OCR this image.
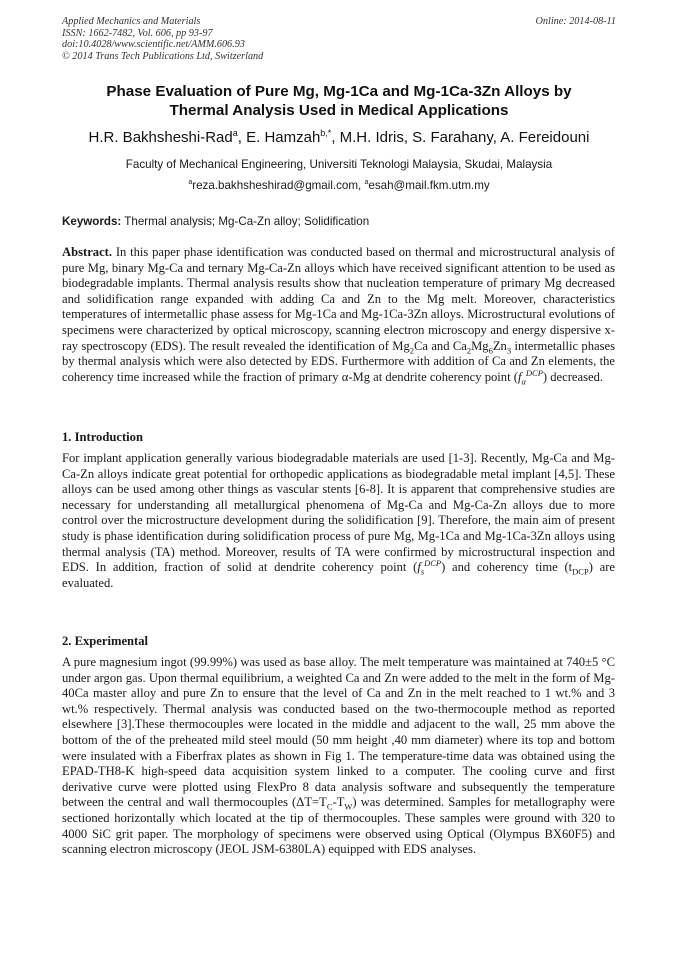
Applied Mechanics and Materials
ISSN: 1662-7482, Vol. 606, pp 93-97
doi:10.4028/www.scientific.net/AMM.606.93
© 2014 Trans Tech Publications Ltd, Switzerland
Online: 2014-08-11
Phase Evaluation of Pure Mg, Mg-1Ca and Mg-1Ca-3Zn Alloys by
Thermal Analysis Used in Medical Applications
H.R. Bakhsheshi-Rad$^a$, E. Hamzah$^{b,*}$, M.H. Idris, S. Farahany, A. Fereidouni
Faculty of Mechanical Engineering, Universiti Teknologi Malaysia, Skudai, Malaysia
$^a$reza.bakhsheshirad@gmail.com, $^a$esah@mail.fkm.utm.my
Keywords: Thermal analysis; Mg-Ca-Zn alloy; Solidification
Abstract. In this paper phase identification was conducted based on thermal and microstructural analysis of pure Mg, binary Mg-Ca and ternary Mg-Ca-Zn alloys which have received significant attention to be used as biodegradable implants. Thermal analysis results show that nucleation temperature of primary Mg decreased and solidification range expanded with adding Ca and Zn to the Mg melt. Moreover, characteristics temperatures of intermetallic phase assess for Mg-1Ca and Mg-1Ca-3Zn alloys. Microstructural evolutions of specimens were characterized by optical microscopy, scanning electron microscopy and energy dispersive x-ray spectroscopy (EDS). The result revealed the identification of $Mg_2Ca$ and $Ca_2Mg_6Zn_3$ intermetallic phases by thermal analysis which were also detected by EDS. Furthermore with addition of Ca and Zn elements, the coherency time increased while the fraction of primary α-Mg at dendrite coherency point $(f_\alpha^{DCP})$ decreased.
1. Introduction
For implant application generally various biodegradable materials are used [1-3]. Recently, Mg-Ca and Mg-Ca-Zn alloys indicate great potential for orthopedic applications as biodegradable metal implant [4,5]. These alloys can be used among other things as vascular stents [6-8]. It is apparent that comprehensive studies are necessary for understanding all metallurgical phenomena of Mg-Ca and Mg-Ca-Zn alloys due to more control over the microstructure development during the solidification [9]. Therefore, the main aim of present study is phase identification during solidification process of pure Mg, Mg-1Ca and Mg-1Ca-3Zn alloys using thermal analysis (TA) method. Moreover, results of TA were confirmed by microstructural inspection and EDS. In addition, fraction of solid at dendrite coherency point $(f_s^{DCP})$ and coherency time $(t_{DCP})$ are evaluated.
2. Experimental
A pure magnesium ingot (99.99%) was used as base alloy. The melt temperature was maintained at 740±5 °C under argon gas. Upon thermal equilibrium, a weighted Ca and Zn were added to the melt in the form of Mg-40Ca master alloy and pure Zn to ensure that the level of Ca and Zn in the melt reached to 1 wt.% and 3 wt.% respectively. Thermal analysis was conducted based on the two-thermocouple method as reported elsewhere [3].These thermocouples were located in the middle and adjacent to the wall, 25 mm above the bottom of the of the preheated mild steel mould (50 mm height ,40 mm diameter) where its top and bottom were insulated with a Fiberfrax plates as shown in Fig 1. The temperature-time data was obtained using the EPAD-TH8-K high-speed data acquisition system linked to a computer. The cooling curve and first derivative curve were plotted using FlexPro 8 data analysis software and subsequently the temperature between the central and wall thermocouples $(\Delta T=T_C-T_W)$ was determined. Samples for metallography were sectioned horizontally which located at the tip of thermocouples. These samples were ground with 320 to 4000 SiC grit paper. The morphology of specimens were observed using Optical (Olympus BX60F5) and scanning electron microscopy (JEOL JSM-6380LA) equipped with EDS analyses.
